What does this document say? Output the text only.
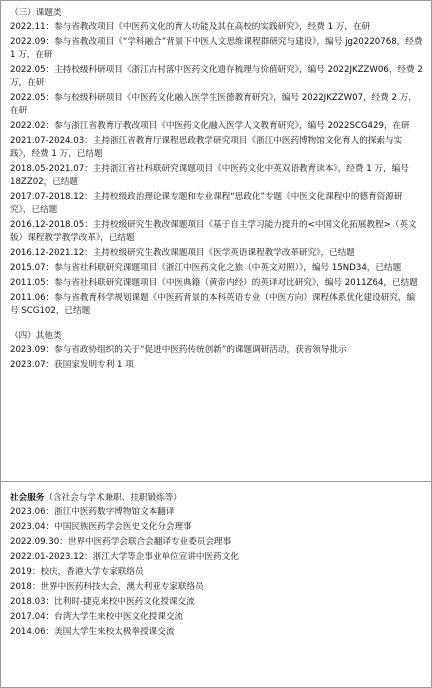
（三）课题类
2022.11：参与省教改项目《中医药文化的育人功能及其在高校的实践研究》，经费 1 万，在研
2022.09：参与省教改项目《“学科融合”背景下中医人文思维课程群研究与建设》，编号 jg20220768，经费 1 万，在研
2022.05：主持校级科研项目《浙江古村落中医药文化遗存梳理与价值研究》，编号 2022JKZZW06，经费 2 万，在研
2022.05：参与校级科研项目《中医药文化融入医学生医德教育研究》，编号 2022JKZZW07，经费 2 万，在研
2022.02：参与浙江省教育厅教改项目《中医药文化融入医学人文教育研究》，编号 2022SCG429，在研
2021.07-2024.03：主持浙江省教育厅课程思政教学研究项目《浙江中医药博物馆文化育人的探索与实践》，经费 1 万，已结题
2018.05-2021.07：主持浙江省社科联研究课题项目《中医药文化中英双语教育读本》，经费 1 万，编号 18ZZ02，已结题
2017.07-2018.12：主持校级政治理论课专题和专业课程“思政化”专题《中医文化课程中的德育资源研究》，已结题
2016.12-2018.05：主持校级研究生教改课题项目《基于自主学习能力提升的<中国文化拓展教程>（英文版）课程教学教学改革》，已结题
2016.12-2021.12：主持校级研究生教改课题项目《医学英语课程教学改革研究》，已结题
2015.07：参与省社科联研究课题项目《浙江中医药文化之旅（中英文对照）》，编号 15ND34，已结题
2011.05：参与省社科联研究课题项目《中医典籍（黄帝内经）的英译对比研究》，编号 2011Z64，已结题
2011.06：参与省教育科学规划课题《中医药背景的本科英语专业（中医方向）课程体系优化建设研究，编号 SCG102，已结题
（四）其他类
2023.09：参与省政协组织的关于“促进中医药传统创新”的课题调研活动，获省领导批示
2023.07：获国家发明专利 1 项
社会服务（含社会与学术兼职、挂职锻炼等）
2023.06：浙江中医药数字博物馆文本翻译
2023.04：中国民族医药学会医史文化分会理事
2022.09.30：世界中医药学会联合会翻译专业委员会理事
2022.01-2023.12：浙江大学等企事业单位宣讲中医药文化
2019：校庆，香港大学专家联络员
2018：世界中医药科技大会，澳大利亚专家联络员
2018.03：比利时-捷克来校中医药文化授课交流
2017.04：台湾大学生来校中医文化授课交流
2014.06：美国大学生来校太极拳授课交流
